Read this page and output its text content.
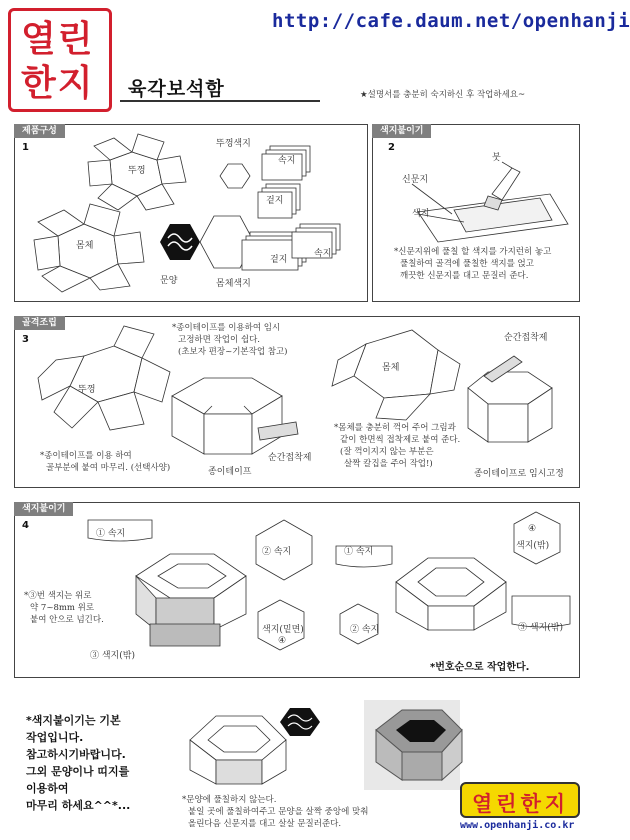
열린
한지
http://cafe.daum.net/openhanji
육각보석함	★설명서를 충분히 숙지하신 후 작업하세요~
제품구성
1
뚜껑
몸체
문양
뚜껑색지
속지
겉지
몸체색지
겉지
속지
색지붙이기
2
붓
신문지
색지
*신문지위에 풀칠 할 색지를 가지런히 놓고
풀칠하여 골격에 풀칠한 색지를 얹고
깨끗한 신문지를 대고 문질러 준다.
골격조립
3
뚜껑
몸체
종이테이프
순간접착제
순간접착제
종이테이프로 임시고정
*종이테이프를 이용하여 임시
고정하면 작업이 쉽다.
(초보자 편장~기본작업 참고)
*종이테이프를 이용 하여
골부분에 붙여 마무리. (선택사양)
*몸체를 충분히 꺽어 주어 그림과
같이 한면씩 접착제로 붙여 준다.
(잘 꺽이지지 않는 부분은
살짝 칼집을 주어 작업!)
색지붙이기
4
① 속지
② 속지	① 속지
④
색지(밖)
② 속지
③ 색지(밖)
색지(밑면)
④
③ 색지(밖)
*③번 색지는 위로
약 7~8mm 위로
붙여 안으로 넘긴다.
*번호순으로 작업한다.
*색지붙이기는 기본
작업입니다.
참고하시기바랍니다.
그외 문양이나 띠지를
이용하여
마무리 하세요^^*...	*문양에 풀칠하지 않는다.
붙일 곳에 풀칠하여주고 문양을 살짝 중앙에 맞춰
올린다음 신문지를 대고 살살 문질러준다.
열린한지
www.openhanji.co.kr
